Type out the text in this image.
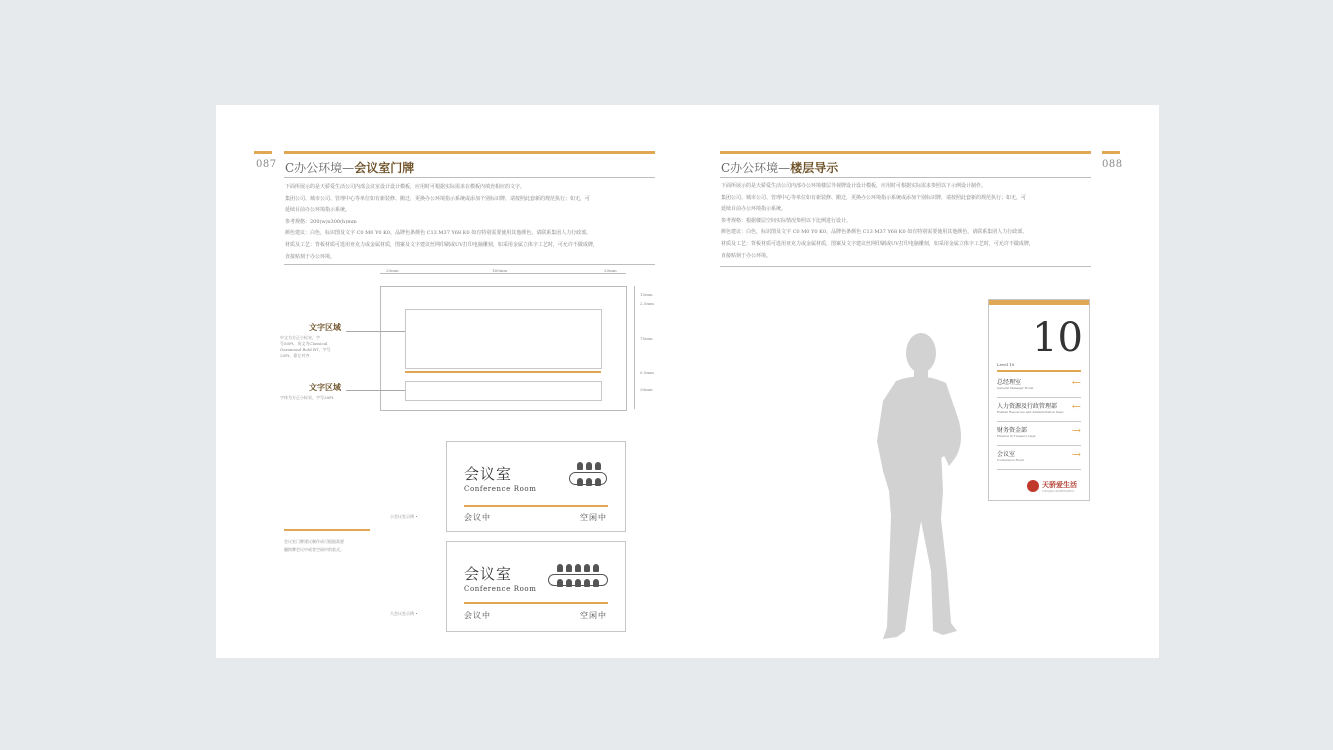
087 C办公环境—会议室门牌
下面所展示的是天骄爱生活公司内部会议室设计设计模板，应用时可根据实际需求在模板内填充相应的文字。
集团公司、城市公司、管理中心等单位如有新装修、搬迁，更换办公环境指示系统或添加个别标识牌，请按照此套新的规范执行；如无，可
延续目前办公环境指示系统。
参考规格：200(w)x300(h)mm
颜色建议：白色，标识图及文字 C0 M0 Y0 K0，品牌色条颜色 C13 M37 Y68 K0 如有特别需要使用其他颜色，请联系集团人力行政部。
材质及工艺：背板材质可选用亚克力或金属材质，图案及文字建议丝网印刷或UV打印电脑雕刻，如采用金属立体字工艺时，可允许不做成牌，
直接贴刻于办公环境。
20mm	160mm	20mm
15mm
2.5mm
75mm
0.5mm
30mm
文字区域
中文为方正小标宋，字
号50Pt，英文为Classical
Garamond Bold BT，字号
20Pt，靠左对齐
文字区域
字体为方正小标宋，字号28Pt
会议室门牌建议制作成可根据需要
翻换牌会议中或者空闲中的款式。
小会议室示例 •
会议室
Conference Room
会议中	空闲中
大会议室示例 •
会议室
Conference Room
会议中	空闲中
C办公环境—楼层导示	088
下面所展示的是天骄爱生活公司内部办公环境楼层导视牌设计设计模板，应用时可根据实际需求参照以下示例设计制作。
集团公司、城市公司、管理中心等单位如有新装修、搬迁，更换办公环境指示系统或添加个别标识牌，请按照此套新的规范执行；如无，可
延续目前办公环境指示系统。
参考规格：根据楼层空间实际情况参照以下比例进行设计。
颜色建议：白色，标识图及文字 C0 M0 Y0 K0，品牌色条颜色 C13 M37 Y68 K0 如有特别需要使用其他颜色，请联系集团人力行政部。
材质及工艺：背板材质可选用亚克力或金属材质，图案及文字建议丝网印刷或UV打印电脑雕刻，如采用金属立体字工艺时，可允许不做成牌，
直接贴刻于办公环境。
10
Level 10
总经理室
General Manager Room	←
人力资源及行政管理部
Human Resources and Administration Dept. ←
财务资金部
Finance & Treasury Dept.	→
会议室
Conference Room	→
天骄爱生活
TIANJIAO AISHENGHUO
